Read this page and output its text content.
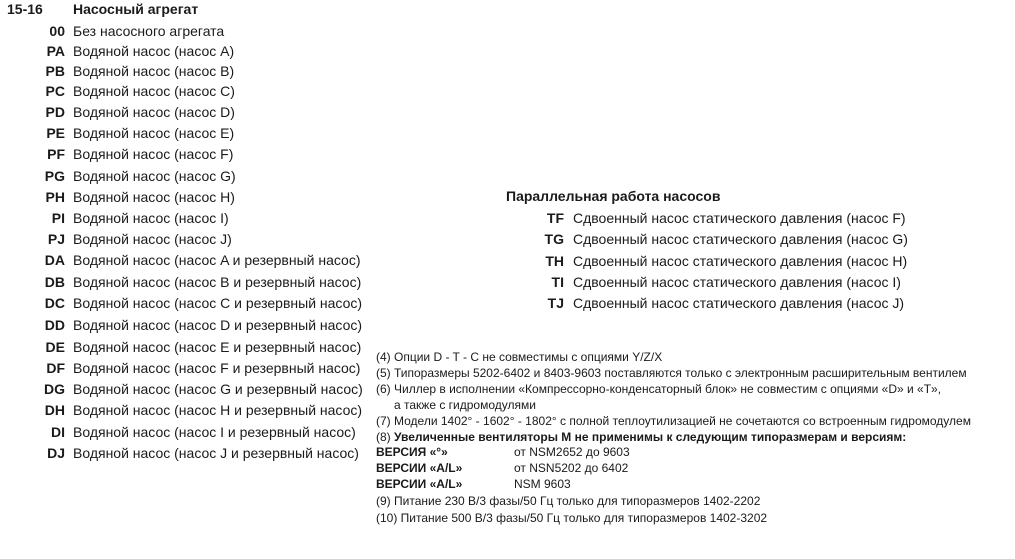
15-16 Насосный агрегат
00 Без насосного агрегата
PA Водяной насос (насос A)
PB Водяной насос (насос B)
PC Водяной насос (насос C)
PD Водяной насос (насос D)
PE Водяной насос (насос E)
PF Водяной насос (насос F)
PG Водяной насос (насос G)
PH Водяной насос (насос H)
PI Водяной насос (насос I)
PJ Водяной насос (насос J)
DA Водяной насос (насос A и резервный насос)
DB Водяной насос (насос B и резервный насос)
DC Водяной насос (насос C и резервный насос)
DD Водяной насос (насос D и резервный насос)
DE Водяной насос (насос E и резервный насос)
DF Водяной насос (насос F и резервный насос)
DG Водяной насос (насос G и резервный насос)
DH Водяной насос (насос H и резервный насос)
DI Водяной насос (насос I и резервный насос)
DJ Водяной насос (насос J и резервный насос)
Параллельная работа насосов
TF Сдвоенный насос статического давления (насос F)
TG Сдвоенный насос статического давления (насос G)
TH Сдвоенный насос статического давления (насос H)
TI Сдвоенный насос статического давления (насос I)
TJ Сдвоенный насос статического давления (насос J)
(4) Опции D - T - C не совместимы с опциями Y/Z/X
(5) Типоразмеры 5202-6402 и 8403-9603 поставляются только с электронным расширительным вентилем
(6) Чиллер в исполнении «Компрессорно-конденсаторный блок» не совместим с опциями «D» и «T»,
а также с гидромодулями
(7) Модели 1402° - 1602° - 1802° с полной теплоутилизацией не сочетаются со встроенным гидромодулем
(8) Увеличенные вентиляторы М не применимы к следующим типоразмерам и версиям:
ВЕРСИЯ «°»	от NSM2652 до 9603
ВЕРСИИ «A/L»	от NSN5202 до 6402
ВЕРСИИ «A/L»	NSM 9603
(9) Питание 230 В/3 фазы/50 Гц только для типоразмеров 1402-2202
(10) Питание 500 В/3 фазы/50 Гц только для типоразмеров 1402-3202
